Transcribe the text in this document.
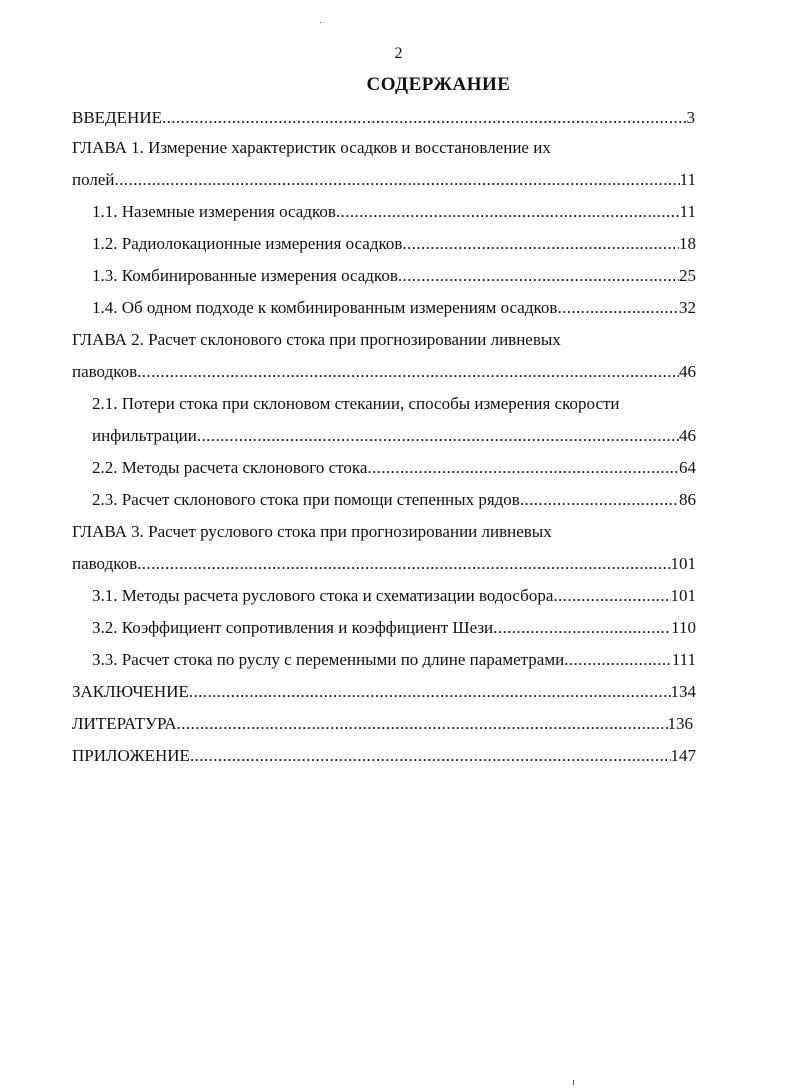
2
СОДЕРЖАНИЕ
ВВЕДЕНИЕ .....	3
ГЛАВА 1. Измерение характеристик осадков и восстановление их
полей .....	11
1.1. Наземные измерения осадков .....	11
1.2. Радиолокационные измерения осадков .....	18
1.3. Комбинированные измерения осадков .....	25
1.4. Об одном подходе к комбинированным измерениям осадков .....	32
ГЛАВА 2. Расчет склонового стока при прогнозировании ливневых
паводков .....	46
2.1. Потери стока при склоновом стекании, способы измерения скорости
инфильтрации .....	46
2.2. Методы расчета склонового стока .....	64
2.3. Расчет склонового стока при помощи степенных рядов .....	86
ГЛАВА 3. Расчет руслового стока при прогнозировании ливневых
паводков .....	101
3.1. Методы расчета руслового стока и схематизации водосбора .....	101
3.2. Коэффициент сопротивления и коэффициент Шези .....	110
3.3. Расчет стока по руслу с переменными по длине параметрами .....	111
ЗАКЛЮЧЕНИЕ .....	134
ЛИТЕРАТУРА .....	136
ПРИЛОЖЕНИЕ .....	147
